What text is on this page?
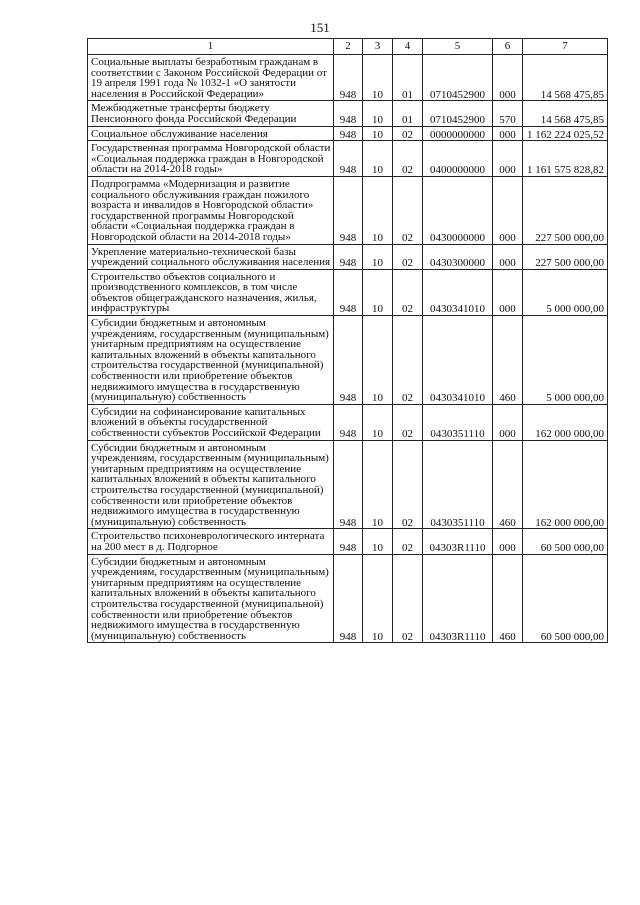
151
1	2	3	4	5	6	7
Социальные выплаты безработным гражданам в соответствии с Законом Российской Федерации от 19 апреля 1991 года № 1032-1 «О занятости населения в Российской Федерации»	948	10	01	0710452900	000	14 568 475,85
Межбюджетные трансферты бюджету Пенсионного фонда Российской Федерации	948	10	01	0710452900	570	14 568 475,85
Социальное обслуживание населения	948	10	02	0000000000	000	1 162 224 025,52
Государственная программа Новгородской области «Социальная поддержка граждан в Новгородской области на 2014-2018 годы»	948	10	02	0400000000	000	1 161 575 828,82
Подпрограмма «Модернизация и развитие социального обслуживания граждан пожилого возраста и инвалидов в Новгородской области» государственной программы Новгородской области «Социальная поддержка граждан в Новгородской области на 2014-2018 годы»	948	10	02	0430000000	000	227 500 000,00
Укрепление материально-технической базы учреждений социального обслуживания населения	948	10	02	0430300000	000	227 500 000,00
Строительство объектов социального и производственного комплексов, в том числе объектов общегражданского назначения, жилья, инфраструктуры	948	10	02	0430341010	000	5 000 000,00
Субсидии бюджетным и автономным учреждениям, государственным (муниципальным) унитарным предприятиям на осуществление капитальных вложений в объекты капитального строительства государственной (муниципальной) собственности или приобретение объектов недвижимого имущества в государственную (муниципальную) собственность	948	10	02	0430341010	460	5 000 000,00
Субсидии на софинансирование капитальных вложений в объекты государственной собственности субъектов Российской Федерации	948	10	02	0430351110	000	162 000 000,00
Субсидии бюджетным и автономным учреждениям, государственным (муниципальным) унитарным предприятиям на осуществление капитальных вложений в объекты капитального строительства государственной (муниципальной) собственности или приобретение объектов недвижимого имущества в государственную (муниципальную) собственность	948	10	02	0430351110	460	162 000 000,00
Строительство психоневрологического интерната на 200 мест в д. Подгорное	948	10	02	04303R1110	000	60 500 000,00
Субсидии бюджетным и автономным учреждениям, государственным (муниципальным) унитарным предприятиям на осуществление капитальных вложений в объекты капитального строительства государственной (муниципальной) собственности или приобретение объектов недвижимого имущества в государственную (муниципальную) собственность	948	10	02	04303R1110	460	60 500 000,00
